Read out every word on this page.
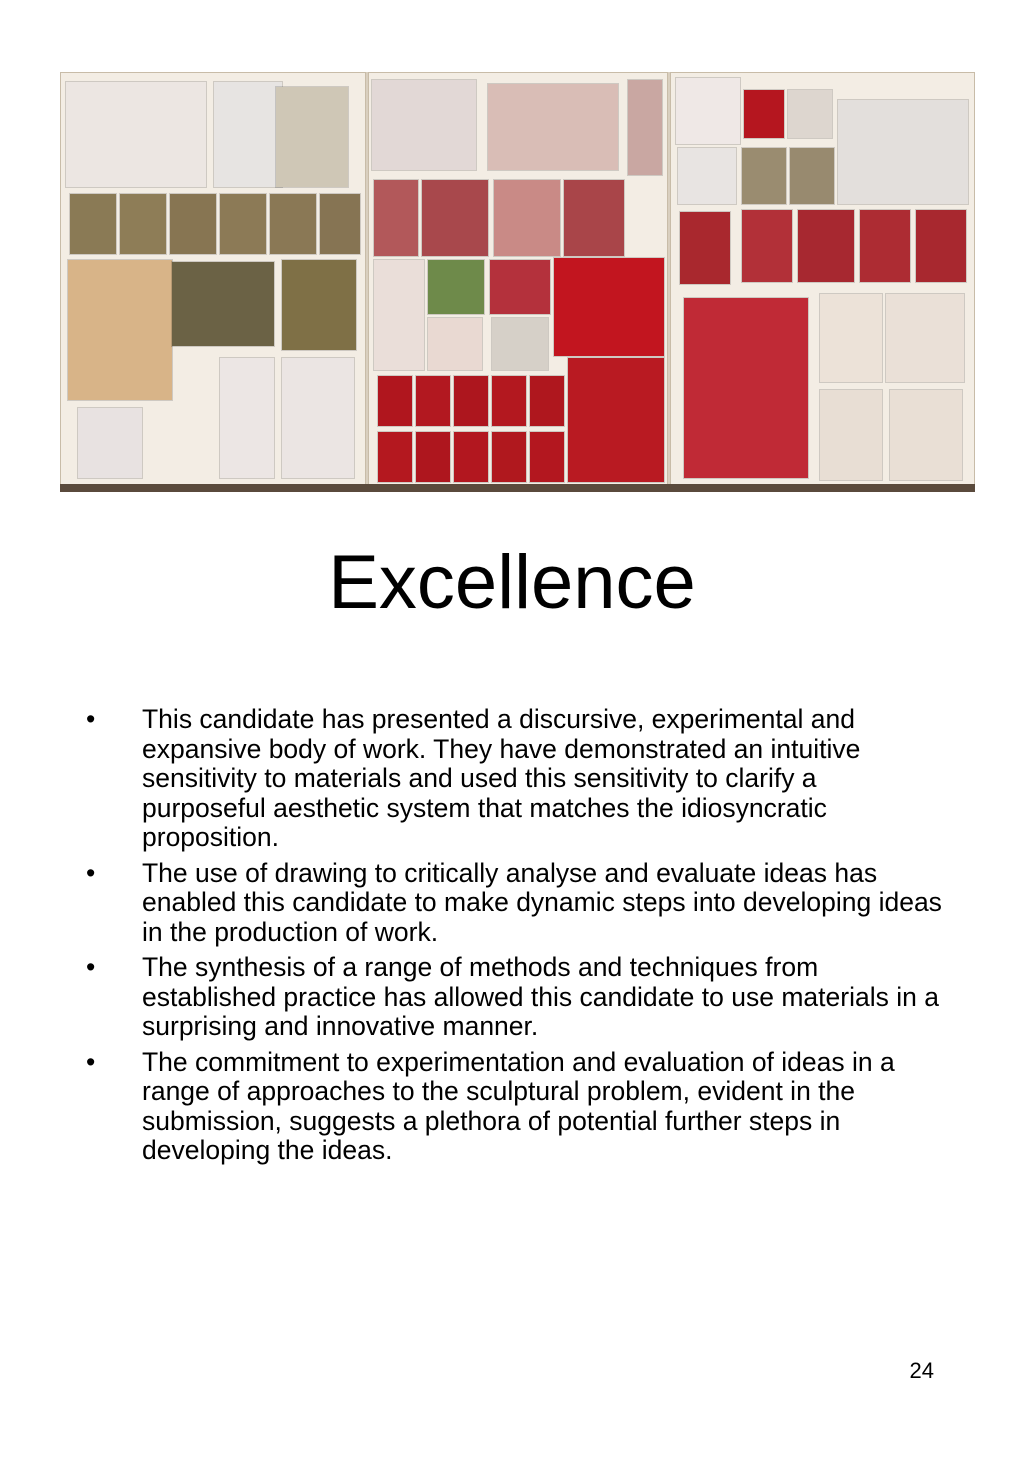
Excellence
• This candidate has presented a discursive, experimental and expansive body of work. They have demonstrated an intuitive sensitivity to materials and used this sensitivity to clarify a purposeful aesthetic system that matches the idiosyncratic proposition.
• The use of drawing to critically analyse and evaluate ideas has enabled this candidate to make dynamic steps into developing ideas in the production of work.
• The synthesis of a range of methods and techniques from established practice has allowed this candidate to use materials in a surprising and innovative manner.
• The commitment to experimentation and evaluation of ideas in a range of approaches to the sculptural problem, evident in the submission, suggests a plethora of potential further steps in developing the ideas.
24
